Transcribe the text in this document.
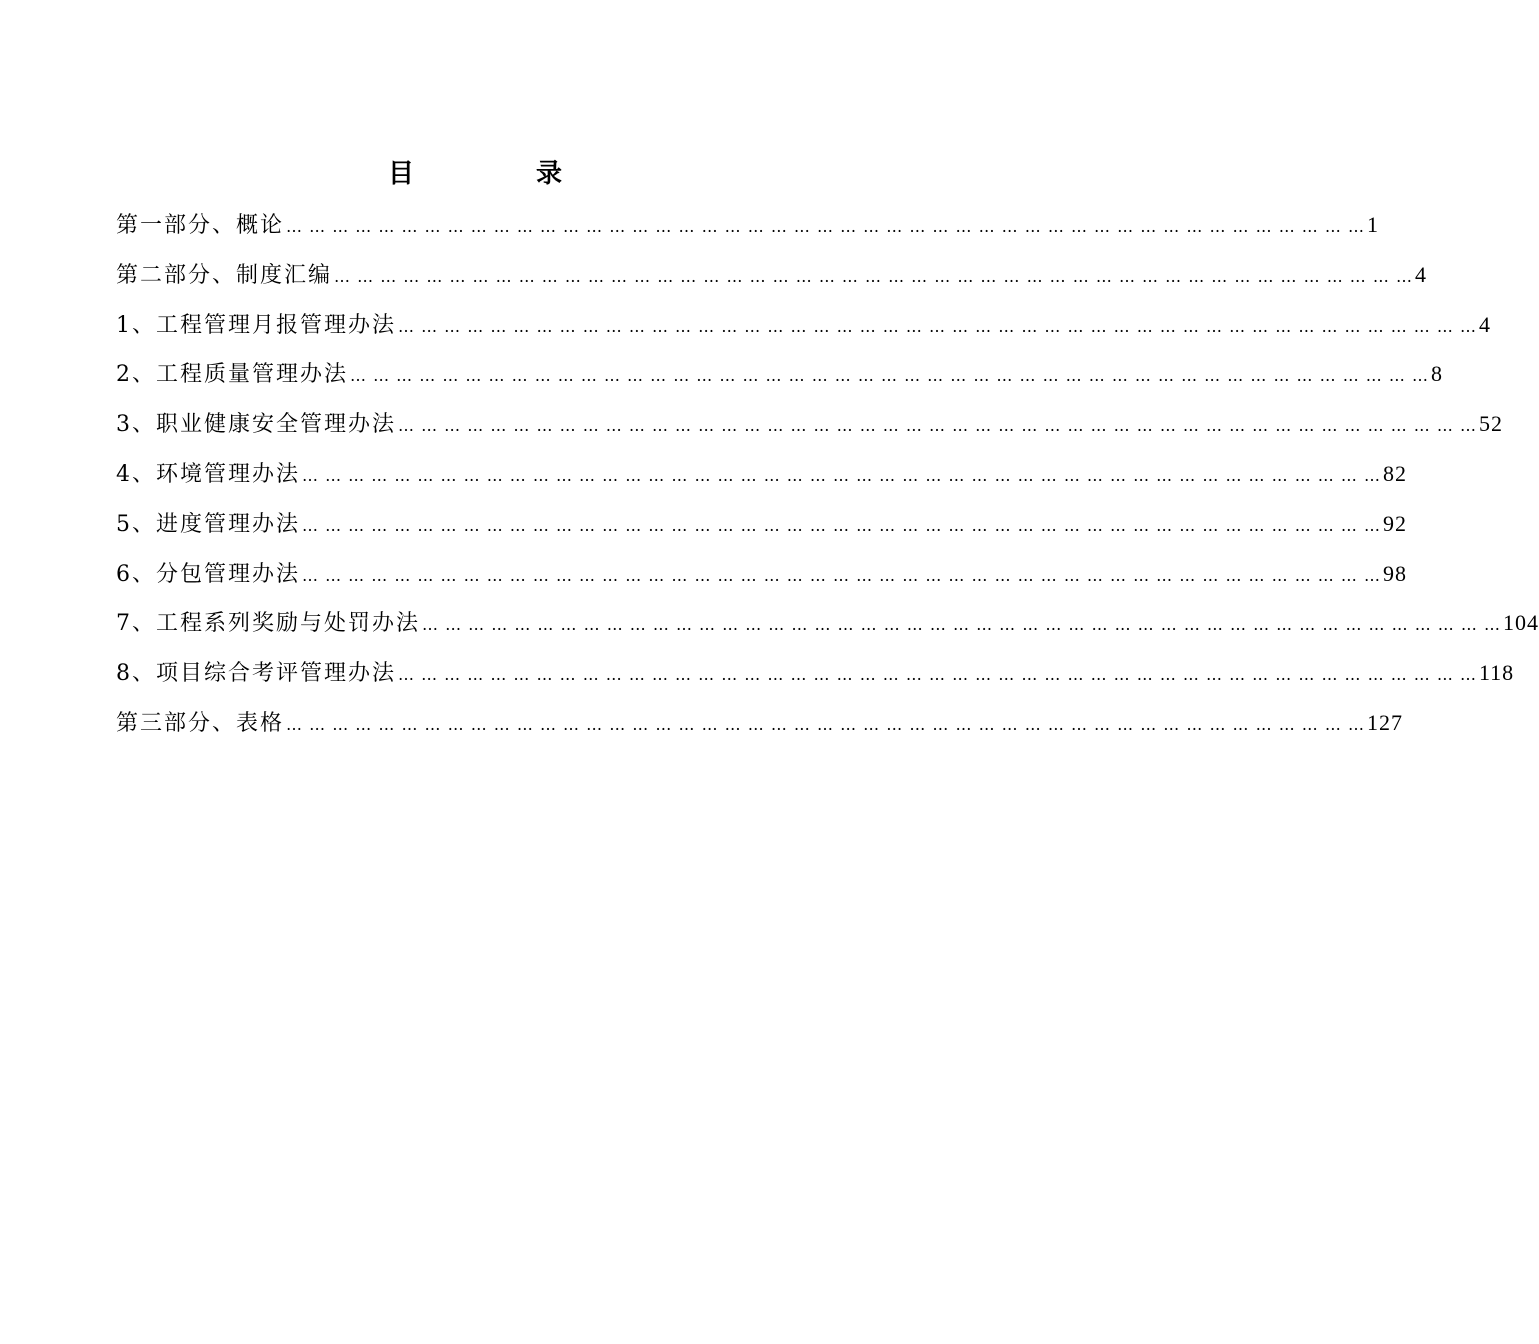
目　录
第一部分、概论 … … … … … … … … … … … … … … … … … … … … … … … … … … … … … … … … … … … … … … … … … … … … … … … 1
第二部分、制度汇编 … … … … … … … … … … … … … … … … … … … … … … … … … … … … … … … … … … … … … … … … … … … … … … … 4
1、工程管理月报管理办法 … … … … … … … … … … … … … … … … … … … … … … … … … … … … … … … … … … … … … … … … … … … … … … … 4
2、工程质量管理办法 … … … … … … … … … … … … … … … … … … … … … … … … … … … … … … … … … … … … … … … … … … … … … … … 8
3、职业健康安全管理办法 … … … … … … … … … … … … … … … … … … … … … … … … … … … … … … … … … … … … … … … … … … … … … … … 52
4、环境管理办法 … … … … … … … … … … … … … … … … … … … … … … … … … … … … … … … … … … … … … … … … … … … … … … … 82
5、进度管理办法 … … … … … … … … … … … … … … … … … … … … … … … … … … … … … … … … … … … … … … … … … … … … … … … 92
6、分包管理办法 … … … … … … … … … … … … … … … … … … … … … … … … … … … … … … … … … … … … … … … … … … … … … … … 98
7、工程系列奖励与处罚办法 … … … … … … … … … … … … … … … … … … … … … … … … … … … … … … … … … … … … … … … … … … … … … … … 104
8、项目综合考评管理办法 … … … … … … … … … … … … … … … … … … … … … … … … … … … … … … … … … … … … … … … … … … … … … … … 118
第三部分、表格 … … … … … … … … … … … … … … … … … … … … … … … … … … … … … … … … … … … … … … … … … … … … … … … 127
